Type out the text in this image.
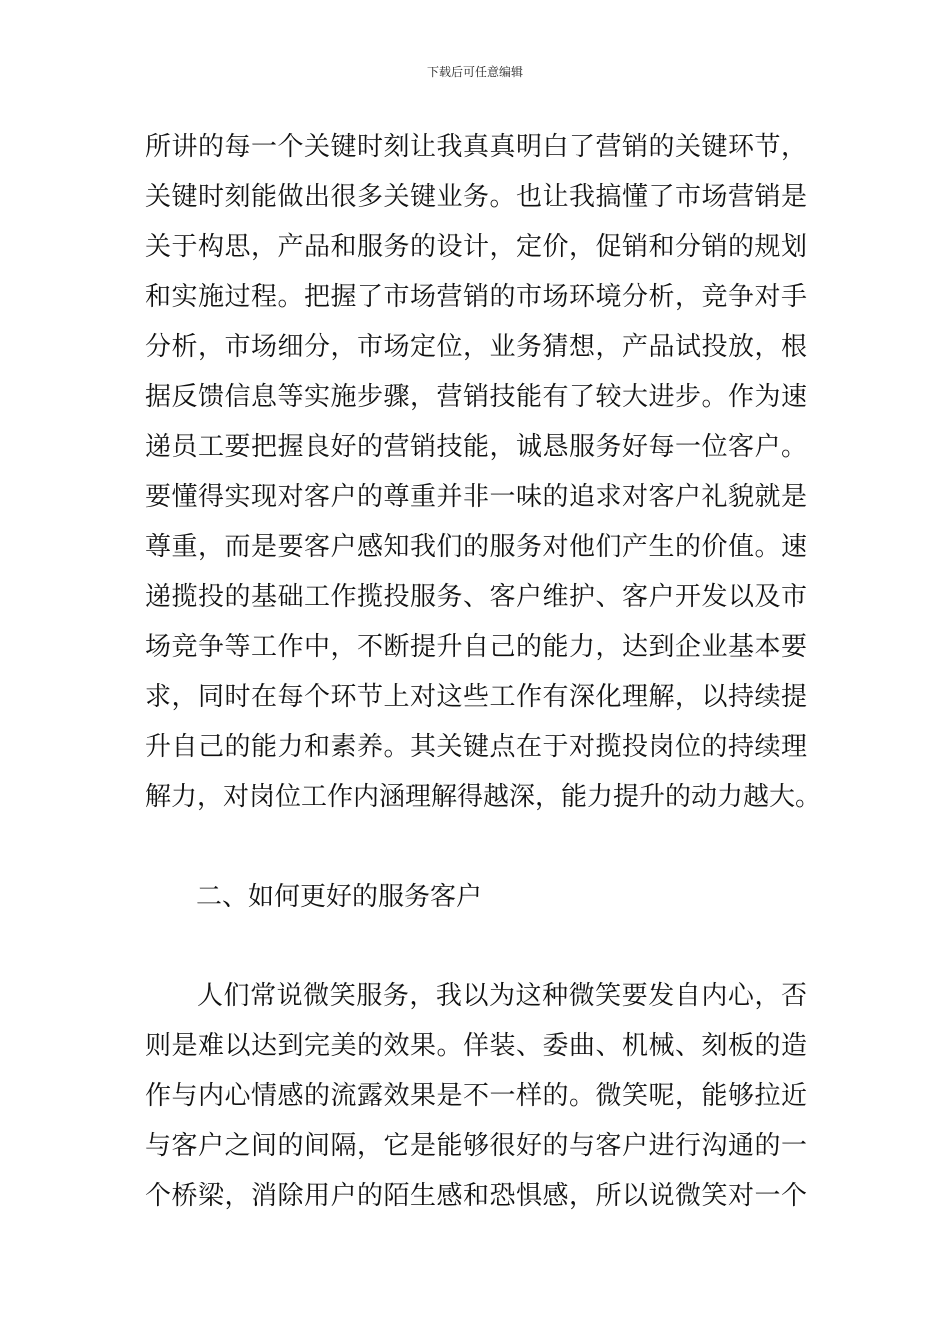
下载后可任意编辑
所讲的每一个关键时刻让我真真明白了营销的关键环节，
关键时刻能做出很多关键业务。也让我搞懂了市场营销是
关于构思，产品和服务的设计，定价，促销和分销的规划
和实施过程。把握了市场营销的市场环境分析，竞争对手
分析，市场细分，市场定位，业务猜想，产品试投放，根
据反馈信息等实施步骤，营销技能有了较大进步。作为速
递员工要把握良好的营销技能，诚恳服务好每一位客户。
要懂得实现对客户的尊重并非一味的追求对客户礼貌就是
尊重，而是要客户感知我们的服务对他们产生的价值。速
递揽投的基础工作揽投服务、客户维护、客户开发以及市
场竞争等工作中，不断提升自己的能力，达到企业基本要
求，同时在每个环节上对这些工作有深化理解，以持续提
升自己的能力和素养。其关键点在于对揽投岗位的持续理
解力，对岗位工作内涵理解得越深，能力提升的动力越大。
二、如何更好的服务客户
人们常说微笑服务，我以为这种微笑要发自内心，否
则是难以达到完美的效果。佯装、委曲、机械、刻板的造
作与内心情感的流露效果是不一样的。微笑呢，能够拉近
与客户之间的间隔，它是能够很好的与客户进行沟通的一
个桥梁，消除用户的陌生感和恐惧感，所以说微笑对一个
